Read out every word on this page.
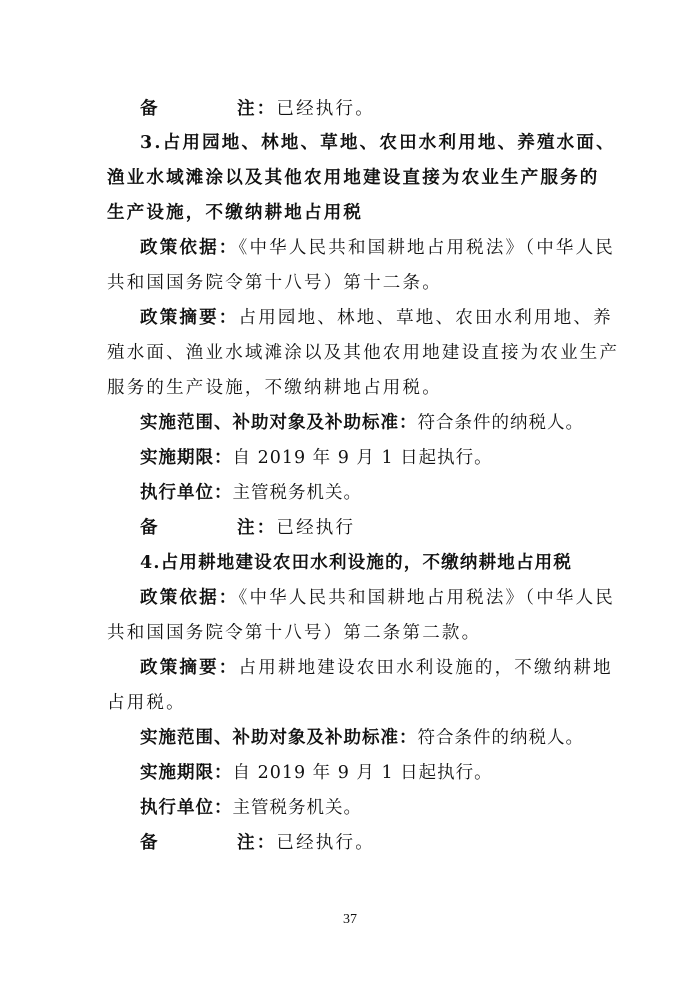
备	注：已经执行。
3.占用园地、林地、草地、农田水利用地、养殖水面、
渔业水域滩涂以及其他农用地建设直接为农业生产服务的
生产设施，不缴纳耕地占用税
政策依据：《中华人民共和国耕地占用税法》（中华人民
共和国国务院令第十八号）第十二条。
政策摘要：占用园地、林地、草地、农田水利用地、养
殖水面、渔业水域滩涂以及其他农用地建设直接为农业生产
服务的生产设施，不缴纳耕地占用税。
实施范围、补助对象及补助标准：符合条件的纳税人。
实施期限：自 2019 年 9 月 1 日起执行。
执行单位：主管税务机关。
备	注：已经执行
4.占用耕地建设农田水利设施的，不缴纳耕地占用税
政策依据：《中华人民共和国耕地占用税法》（中华人民
共和国国务院令第十八号）第二条第二款。
政策摘要：占用耕地建设农田水利设施的，不缴纳耕地
占用税。
实施范围、补助对象及补助标准：符合条件的纳税人。
实施期限：自 2019 年 9 月 1 日起执行。
执行单位：主管税务机关。
备	注：已经执行。
37
